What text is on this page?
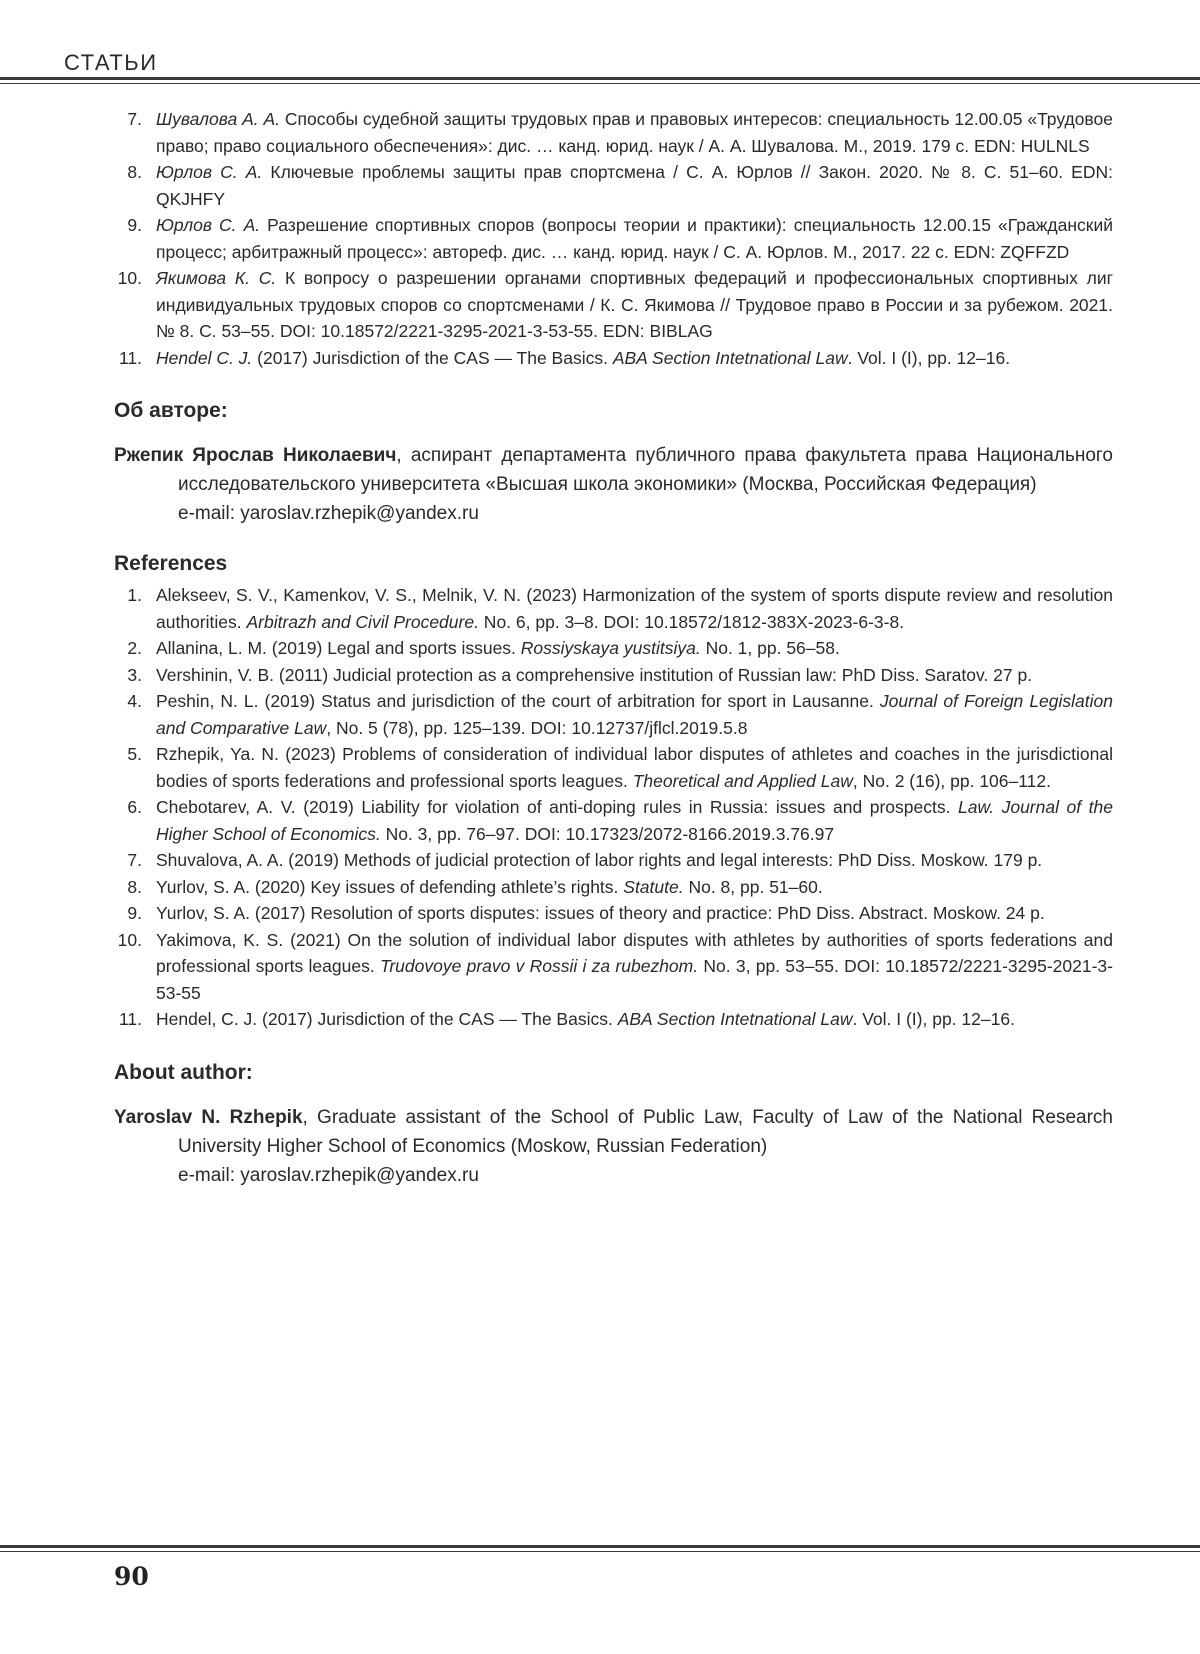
СТАТЬИ
7. Шувалова А. А. Способы судебной защиты трудовых прав и правовых интересов: специальность 12.00.05 «Трудовое право; право социального обеспечения»: дис. … канд. юрид. наук / А. А. Шувалова. М., 2019. 179 с. EDN: HULNLS
8. Юрлов С. А. Ключевые проблемы защиты прав спортсмена / С. А. Юрлов // Закон. 2020. № 8. С. 51–60. EDN: QKJHFY
9. Юрлов С. А. Разрешение спортивных споров (вопросы теории и практики): специальность 12.00.15 «Гражданский процесс; арбитражный процесс»: автореф. дис. … канд. юрид. наук / С. А. Юрлов. М., 2017. 22 с. EDN: ZQFFZD
10. Якимова К. С. К вопросу о разрешении органами спортивных федераций и профессиональных спортивных лиг индивидуальных трудовых споров со спортсменами / К. С. Якимова // Трудовое право в России и за рубежом. 2021. № 8. С. 53–55. DOI: 10.18572/2221-3295-2021-3-53-55. EDN: BIBLAG
11. Hendel C. J. (2017) Jurisdiction of the CAS — The Basics. ABA Section Intetnational Law. Vol. I (I), pp. 12–16.
Об авторе:
Ржепик Ярослав Николаевич, аспирант департамента публичного права факультета права Национального исследовательского университета «Высшая школа экономики» (Москва, Российская Федерация)
e-mail: yaroslav.rzhepik@yandex.ru
References
1. Alekseev, S. V., Kamenkov, V. S., Melnik, V. N. (2023) Harmonization of the system of sports dispute review and resolution authorities. Arbitrazh and Civil Procedure. No. 6, pp. 3–8. DOI: 10.18572/1812-383X-2023-6-3-8.
2. Allanina, L. M. (2019) Legal and sports issues. Rossiyskaya yustitsiya. No. 1, pp. 56–58.
3. Vershinin, V. B. (2011) Judicial protection as a comprehensive institution of Russian law: PhD Diss. Saratov. 27 p.
4. Peshin, N. L. (2019) Status and jurisdiction of the court of arbitration for sport in Lausanne. Journal of Foreign Legislation and Comparative Law, No. 5 (78), pp. 125–139. DOI: 10.12737/jflcl.2019.5.8
5. Rzhepik, Ya. N. (2023) Problems of consideration of individual labor disputes of athletes and coaches in the jurisdictional bodies of sports federations and professional sports leagues. Theoretical and Applied Law, No. 2 (16), pp. 106–112.
6. Chebotarev, A. V. (2019) Liability for violation of anti-doping rules in Russia: issues and prospects. Law. Journal of the Higher School of Economics. No. 3, pp. 76–97. DOI: 10.17323/2072-8166.2019.3.76.97
7. Shuvalova, A. A. (2019) Methods of judicial protection of labor rights and legal interests: PhD Diss. Moskow. 179 p.
8. Yurlov, S. A. (2020) Key issues of defending athlete’s rights. Statute. No. 8, pp. 51–60.
9. Yurlov, S. A. (2017) Resolution of sports disputes: issues of theory and practice: PhD Diss. Abstract. Moskow. 24 p.
10. Yakimova, K. S. (2021) On the solution of individual labor disputes with athletes by authorities of sports federations and professional sports leagues. Trudovoye pravo v Rossii i za rubezhom. No. 3, pp. 53–55. DOI: 10.18572/2221-3295-2021-3-53-55
11. Hendel, C. J. (2017) Jurisdiction of the CAS — The Basics. ABA Section Intetnational Law. Vol. I (I), pp. 12–16.
About author:
Yaroslav N. Rzhepik, Graduate assistant of the School of Public Law, Faculty of Law of the National Research University Higher School of Economics (Moskow, Russian Federation)
e-mail: yaroslav.rzhepik@yandex.ru
90
